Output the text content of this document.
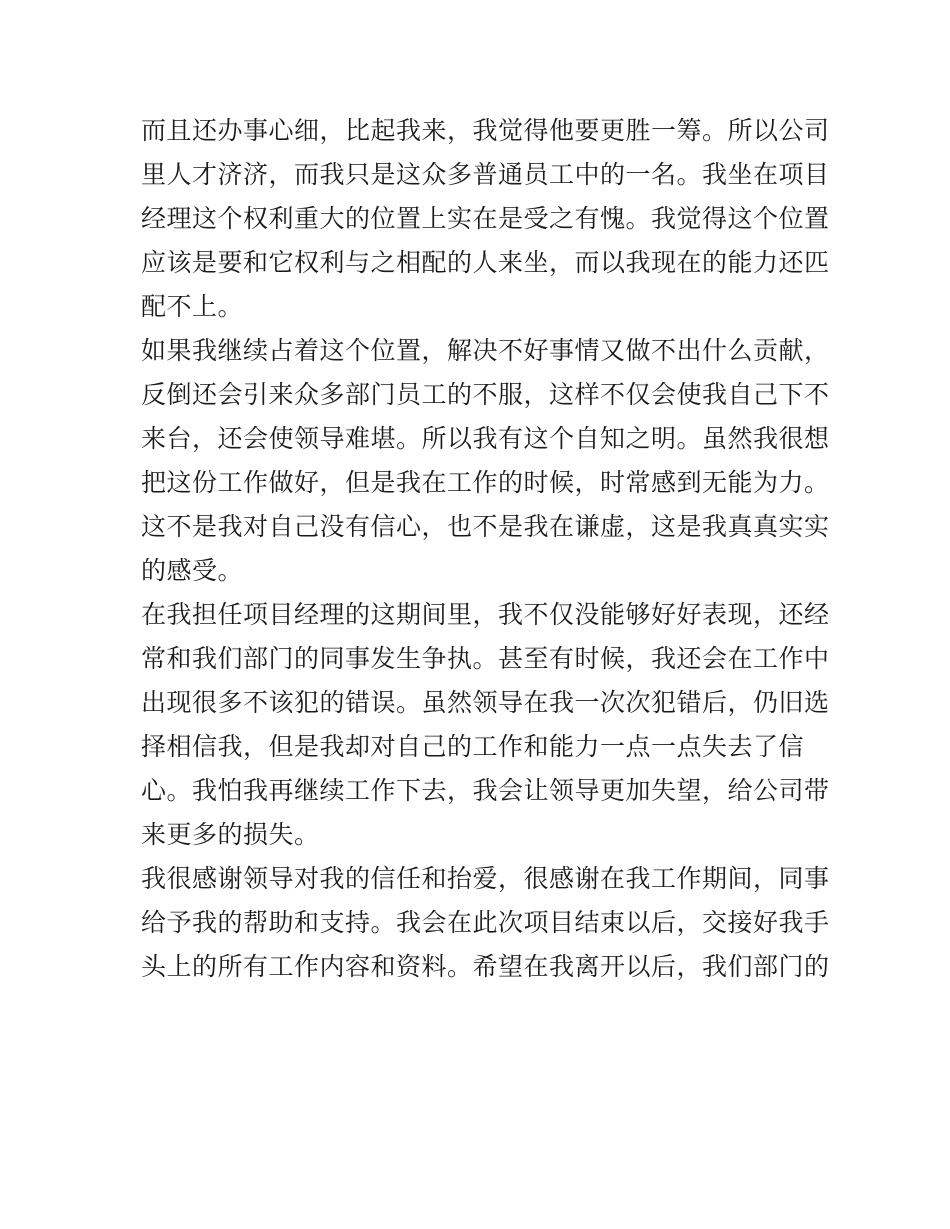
而且还办事心细，比起我来，我觉得他要更胜一筹。所以公司
里人才济济，而我只是这众多普通员工中的一名。我坐在项目
经理这个权利重大的位置上实在是受之有愧。我觉得这个位置
应该是要和它权利与之相配的人来坐，而以我现在的能力还匹
配不上。
如果我继续占着这个位置，解决不好事情又做不出什么贡献，
反倒还会引来众多部门员工的不服，这样不仅会使我自己下不
来台，还会使领导难堪。所以我有这个自知之明。虽然我很想
把这份工作做好，但是我在工作的时候，时常感到无能为力。
这不是我对自己没有信心，也不是我在谦虚，这是我真真实实
的感受。
在我担任项目经理的这期间里，我不仅没能够好好表现，还经
常和我们部门的同事发生争执。甚至有时候，我还会在工作中
出现很多不该犯的错误。虽然领导在我一次次犯错后，仍旧选
择相信我，但是我却对自己的工作和能力一点一点失去了信
心。我怕我再继续工作下去，我会让领导更加失望，给公司带
来更多的损失。
我很感谢领导对我的信任和抬爱，很感谢在我工作期间，同事
给予我的帮助和支持。我会在此次项目结束以后，交接好我手
头上的所有工作内容和资料。希望在我离开以后，我们部门的
